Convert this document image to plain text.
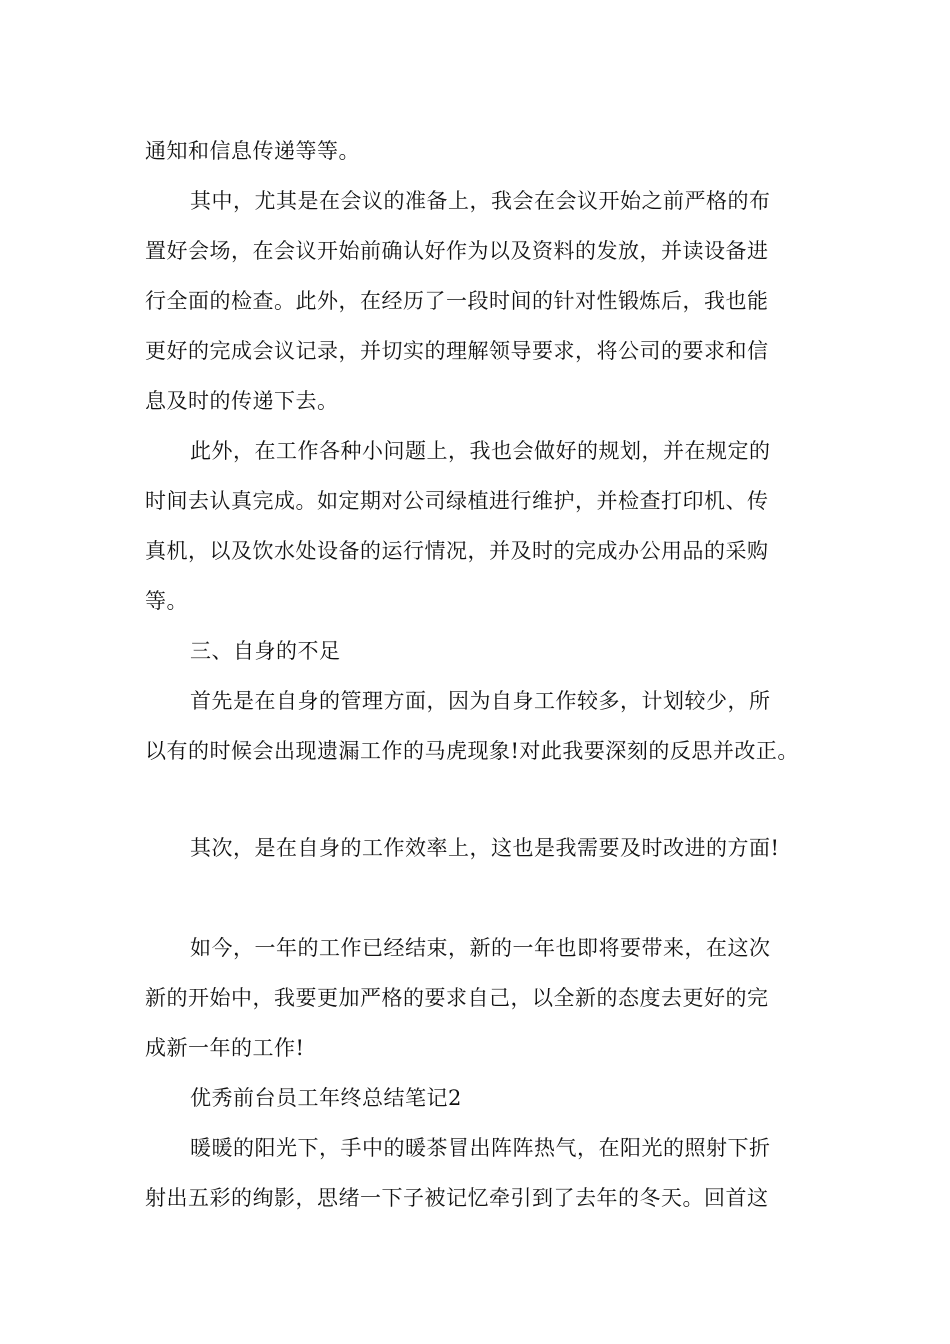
通知和信息传递等等。
其中，尤其是在会议的准备上，我会在会议开始之前严格的布
置好会场，在会议开始前确认好作为以及资料的发放，并读设备进
行全面的检查。此外，在经历了一段时间的针对性锻炼后，我也能
更好的完成会议记录，并切实的理解领导要求，将公司的要求和信
息及时的传递下去。
此外，在工作各种小问题上，我也会做好的规划，并在规定的
时间去认真完成。如定期对公司绿植进行维护，并检查打印机、传
真机，以及饮水处设备的运行情况，并及时的完成办公用品的采购
等。
三、自身的不足
首先是在自身的管理方面，因为自身工作较多，计划较少，所
以有的时候会出现遗漏工作的马虎现象!对此我要深刻的反思并改正。
其次，是在自身的工作效率上，这也是我需要及时改进的方面!
如今，一年的工作已经结束，新的一年也即将要带来，在这次
新的开始中，我要更加严格的要求自己，以全新的态度去更好的完
成新一年的工作!
优秀前台员工年终总结笔记2
暖暖的阳光下，手中的暖茶冒出阵阵热气，在阳光的照射下折
射出五彩的绚影，思绪一下子被记忆牵引到了去年的冬天。回首这
